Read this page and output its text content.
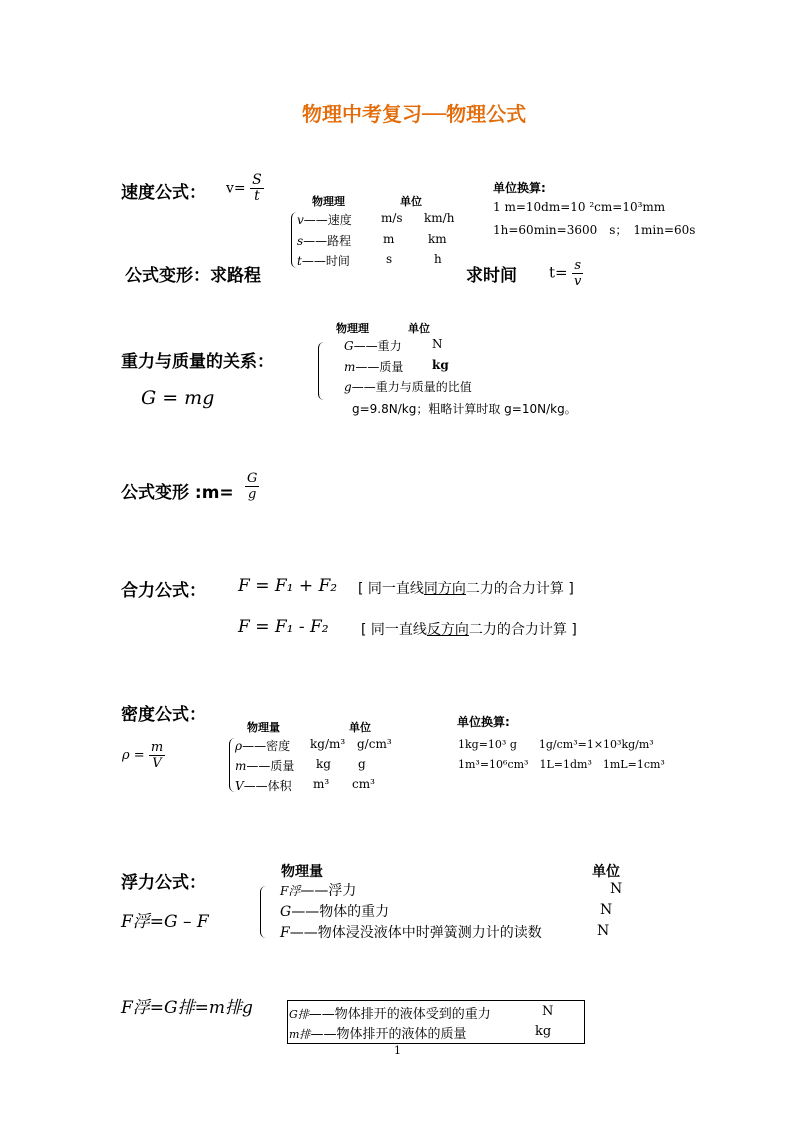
物理中考复习──物理公式
速度公式： $v= \frac{S}{t}$	物理理	单位
v——速度 m/s km/h
s——路程	m	km
t——时间	s	h
单位换算:
1 m=10dm=10 ²cm=10³mm
1h=60min=3600　s；　1min=60s
公式变形：求路程	求时间 $t= \frac{s}{v}$
物理理	单位
重力与质量的关系：
G——重力	N
m——质量 kg
g——重力与质量的比值
g=9.8N/kg；粗略计算时取 g=10N/kg。
G = mg
公式变形 :m= $\frac{G}{g}$
合力公式： F = F₁ + F₂ [ 同一直线同方向二力的合力计算 ]
F = F₁ - F₂ [ 同一直线反方向二力的合力计算 ]
密度公式：
物理量	单位
$\rho = \frac{m}{V}$	ρ——密度 kg/m³ g/cm³
m——质量 kg g
V——体积 m³ cm³
单位换算:
1kg=10³ g　　1g/cm³=1×10³kg/m³
1m³=10⁶cm³　1L=1dm³　1mL=1cm³
浮力公式：
物理量	单位
F浮=G – F
F浮——浮力	N
G——物体的重力	N
F——物体浸没液体中时弹簧测力计的读数	N
F浮=G排=m排g	G排——物体排开的液体受到的重力	N
m排——物体排开的液体的质量	kg
1
